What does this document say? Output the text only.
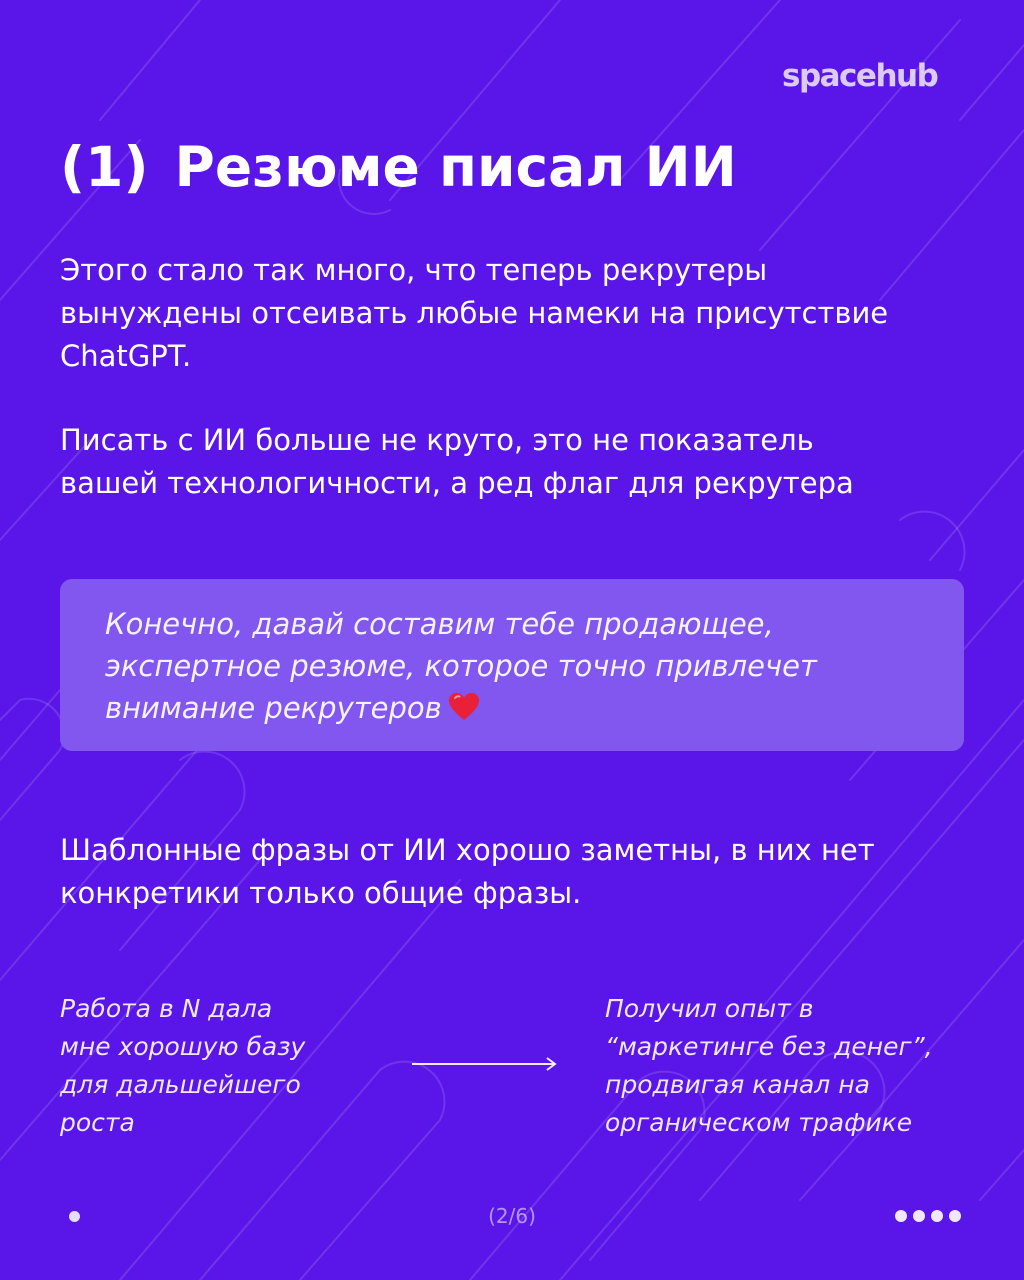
spacehub
(1) Резюме писал ИИ

Этого стало так много, что теперь рекрутеры
вынуждены отсеивать любые намеки на присутствие
ChatGPT.

Писать с ИИ больше не круто, это не показатель
вашей технологичности, а ред флаг для рекрутера

Конечно, давай составим тебе продающее,
экспертное резюме, которое точно привлечет
внимание рекрутеров

Шаблонные фразы от ИИ хорошо заметны, в них нет
конкретики только общие фразы.

Работа в N дала
мне хорошую базу
для дальшейшего
роста

Получил опыт в
“маркетинге без денег”,
продвигая канал на
органическом трафике

(2/6)
